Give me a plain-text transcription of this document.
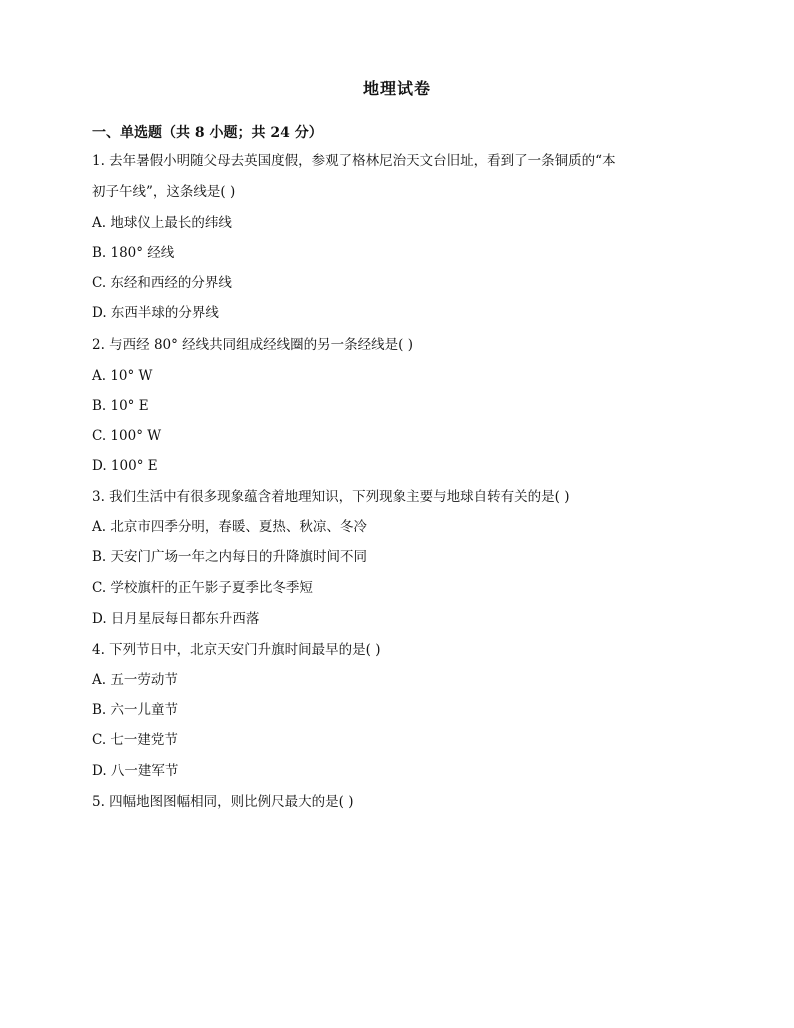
地理试卷
一、单选题（共 8 小题；共 24 分）
1. 去年暑假小明随父母去英国度假，参观了格林尼治天文台旧址，看到了一条铜质的“本
初子午线”，这条线是( )
A. 地球仪上最长的纬线
B. 180° 经线
C. 东经和西经的分界线
D. 东西半球的分界线
2. 与西经 80° 经线共同组成经线圈的另一条经线是( )
A. 10° W
B. 10° E
C. 100° W
D. 100° E
3. 我们生活中有很多现象蕴含着地理知识，下列现象主要与地球自转有关的是( )
A. 北京市四季分明，春暖、夏热、秋凉、冬冷
B. 天安门广场一年之内每日的升降旗时间不同
C. 学校旗杆的正午影子夏季比冬季短
D. 日月星辰每日都东升西落
4. 下列节日中，北京天安门升旗时间最早的是( )
A. 五一劳动节
B. 六一儿童节
C. 七一建党节
D. 八一建军节
5. 四幅地图图幅相同，则比例尺最大的是( )
